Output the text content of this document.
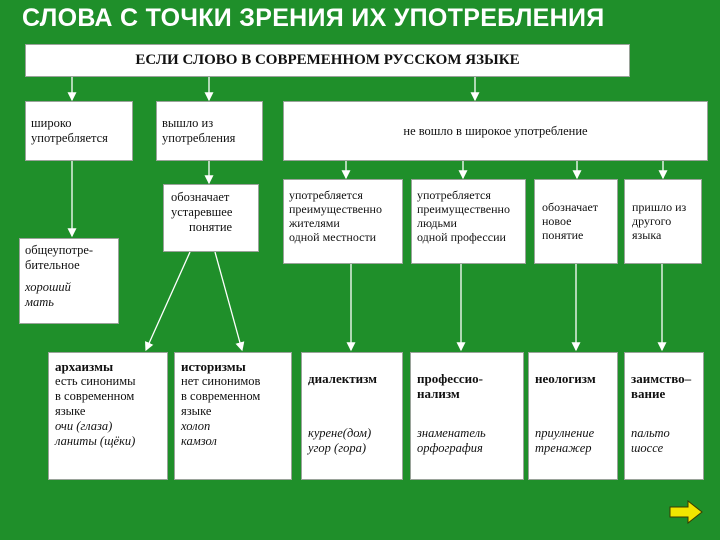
СЛОВА С ТОЧКИ ЗРЕНИЯ ИХ УПОТРЕБЛЕНИЯ
ЕСЛИ СЛОВО В СОВРЕМЕННОМ РУССКОМ ЯЗЫКЕ
широко
употребляется
вышло из
употребления
не вошло в широкое употребление
обозначает
устаревшее
понятие
употребляется
преимущественно
жителями
одной местности
употребляется
преимущественно
людьми
одной профессии
обозначает
новое
понятие
пришло из
другого
языка
общеупотре-
бительное
хороший
мать
архаизмы
есть синонимы
в современном
языке
очи (глаза)
ланиты (щёки)
историзмы
нет синонимов
в современном
языке
холоп
камзол
диалектизм
курене(дом)
угор (гора)
профессио-
нализм
знаменатель
орфография
неологизм
приулнение
тренажер
заимство–
вание
пальто
шоссе
